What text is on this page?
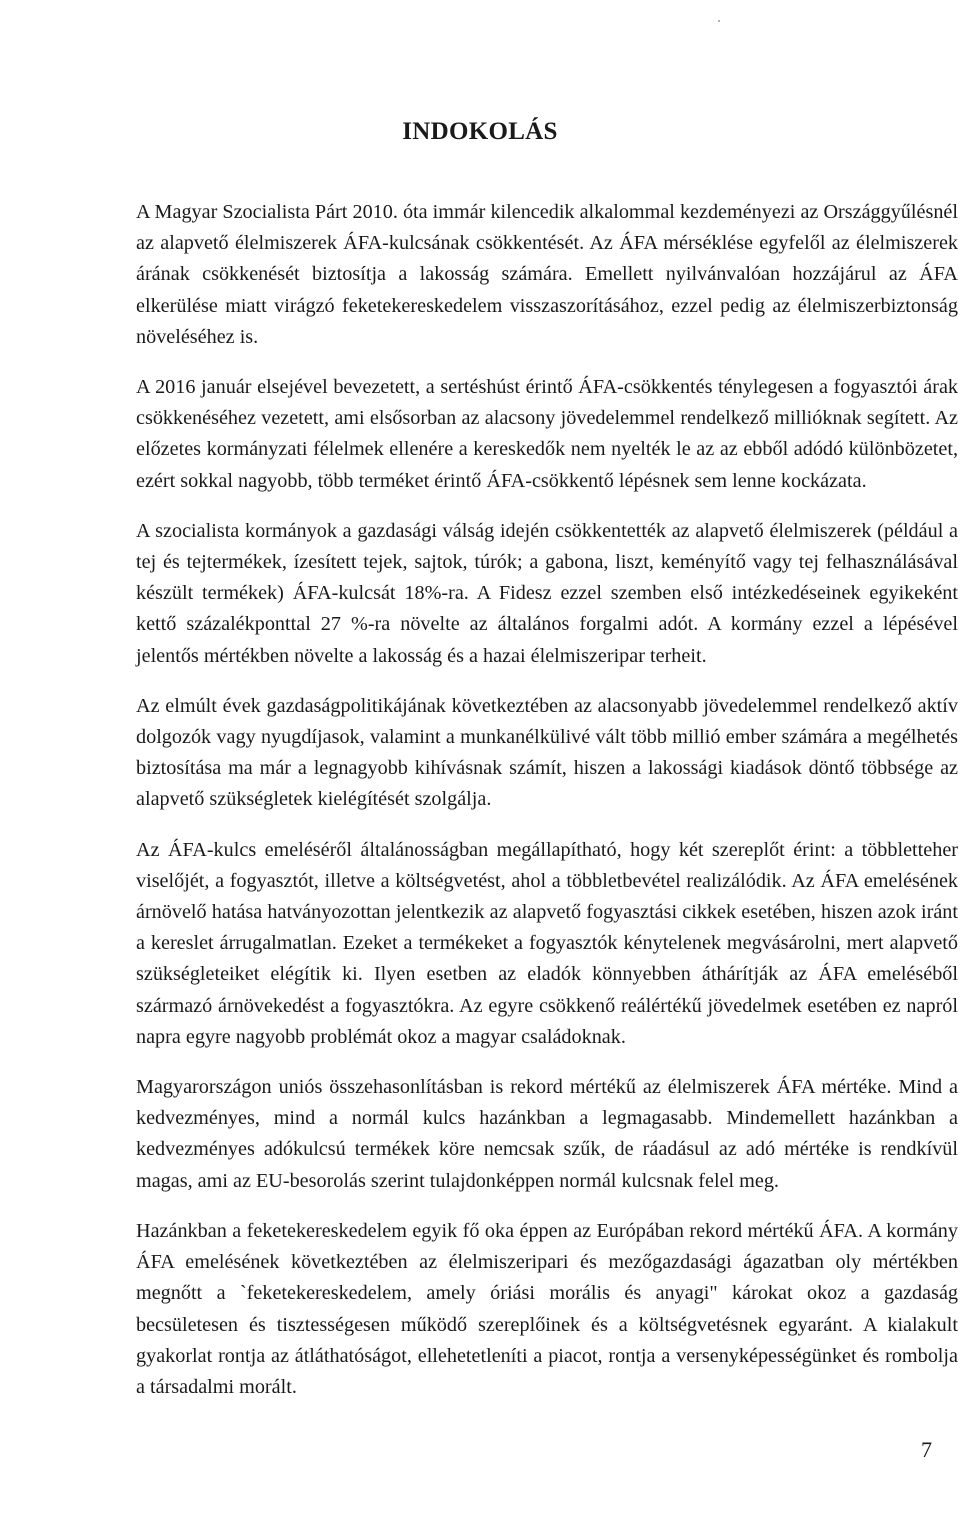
INDOKOLÁS

A Magyar Szocialista Párt 2010. óta immár kilencedik alkalommal kezdeményezi az Országgyűlésnél az alapvető élelmiszerek ÁFA-kulcsának csökkentését. Az ÁFA mérséklése egyfelől az élelmiszerek árának csökkenését biztosítja a lakosság számára. Emellett nyilvánvalóan hozzájárul az ÁFA elkerülése miatt virágzó feketekereskedelem visszaszorításához, ezzel pedig az élelmiszerbiztonság növeléséhez is.

A 2016 január elsejével bevezetett, a sertéshúst érintő ÁFA-csökkentés ténylegesen a fogyasztói árak csökkenéséhez vezetett, ami elsősorban az alacsony jövedelemmel rendelkező millióknak segített. Az előzetes kormányzati félelmek ellenére a kereskedők nem nyelték le az az ebből adódó különbözetet, ezért sokkal nagyobb, több terméket érintő ÁFA-csökkentő lépésnek sem lenne kockázata.

A szocialista kormányok a gazdasági válság idején csökkentették az alapvető élelmiszerek (például a tej és tejtermékek, ízesített tejek, sajtok, túrók; a gabona, liszt, keményítő vagy tej felhasználásával készült termékek) ÁFA-kulcsát 18%-ra. A Fidesz ezzel szemben első intézkedéseinek egyikeként kettő százalékponttal 27 %-ra növelte az általános forgalmi adót. A kormány ezzel a lépésével jelentős mértékben növelte a lakosság és a hazai élelmiszeripar terheit.

Az elmúlt évek gazdaságpolitikájának következtében az alacsonyabb jövedelemmel rendelkező aktív dolgozók vagy nyugdíjasok, valamint a munkanélkülivé vált több millió ember számára a megélhetés biztosítása ma már a legnagyobb kihívásnak számít, hiszen a lakossági kiadások döntő többsége az alapvető szükségletek kielégítését szolgálja.

Az ÁFA-kulcs emeléséről általánosságban megállapítható, hogy két szereplőt érint: a többletteher viselőjét, a fogyasztót, illetve a költségvetést, ahol a többletbevétel realizálódik. Az ÁFA emelésének árnövelő hatása hatványozottan jelentkezik az alapvető fogyasztási cikkek esetében, hiszen azok iránt a kereslet árrugalmatlan. Ezeket a termékeket a fogyasztók kénytelenek megvásárolni, mert alapvető szükségleteiket elégítik ki. Ilyen esetben az eladók könnyebben áthárítják az ÁFA emeléséből származó árnövekedést a fogyasztókra. Az egyre csökkenő reálértékű jövedelmek esetében ez napról napra egyre nagyobb problémát okoz a magyar családoknak.

Magyarországon uniós összehasonlításban is rekord mértékű az élelmiszerek ÁFA mértéke. Mind a kedvezményes, mind a normál kulcs hazánkban a legmagasabb. Mindemellett hazánkban a kedvezményes adókulcsú termékek köre nemcsak szűk, de ráadásul az adó mértéke is rendkívül magas, ami az EU-besorolás szerint tulajdonképpen normál kulcsnak felel meg.

Hazánkban a feketekereskedelem egyik fő oka éppen az Európában rekord mértékű ÁFA. A kormány ÁFA emelésének következtében az élelmiszeripari és mezőgazdasági ágazatban oly mértékben megnőtt a `feketekereskedelem, amely óriási morális és anyagi" károkat okoz a gazdaság becsületesen és tisztességesen működő szereplőinek és a költségvetésnek egyaránt. A kialakult gyakorlat rontja az átláthatóságot, ellehetetleníti a piacot, rontja a versenyképességünket és rombolja a társadalmi morált.

7
